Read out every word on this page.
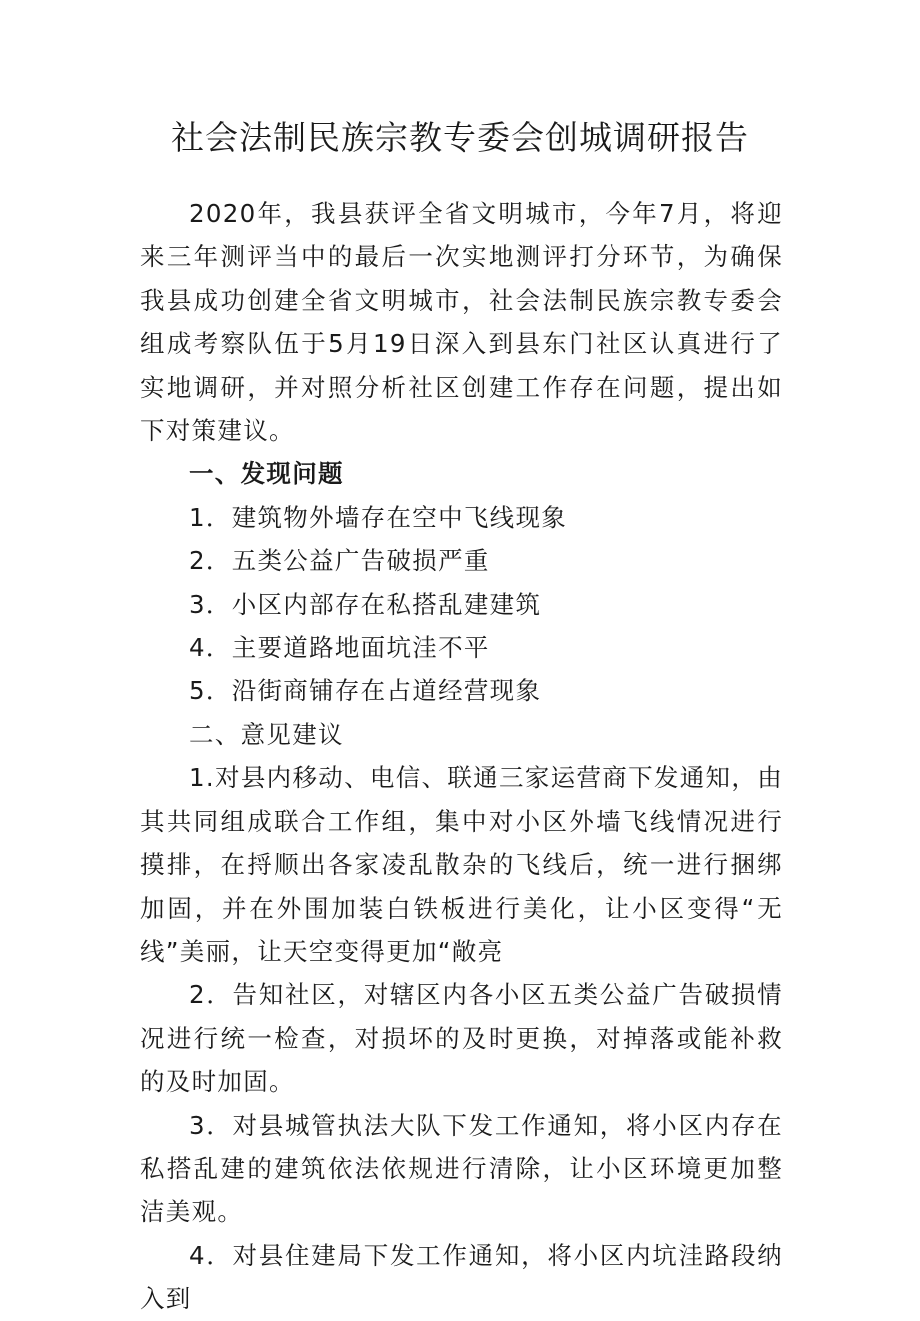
社会法制民族宗教专委会创城调研报告

2020年，我县获评全省文明城市，今年7月，将迎来三年测评当中的最后一次实地测评打分环节，为确保我县成功创建全省文明城市，社会法制民族宗教专委会组成考察队伍于5月19日深入到县东门社区认真进行了实地调研，并对照分析社区创建工作存在问题，提出如下对策建议。

一、发现问题

1．建筑物外墙存在空中飞线现象

2．五类公益广告破损严重

3．小区内部存在私搭乱建建筑

4．主要道路地面坑洼不平

5．沿街商铺存在占道经营现象

二、意见建议

1.对县内移动、电信、联通三家运营商下发通知，由其共同组成联合工作组，集中对小区外墙飞线情况进行摸排，在捋顺出各家凌乱散杂的飞线后，统一进行捆绑加固，并在外围加装白铁板进行美化，让小区变得“无线”美丽，让天空变得更加“敞亮

2．告知社区，对辖区内各小区五类公益广告破损情况进行统一检查，对损坏的及时更换，对掉落或能补救的及时加固。

3．对县城管执法大队下发工作通知，将小区内存在私搭乱建的建筑依法依规进行清除，让小区环境更加整洁美观。

4．对县住建局下发工作通知，将小区内坑洼路段纳入到
